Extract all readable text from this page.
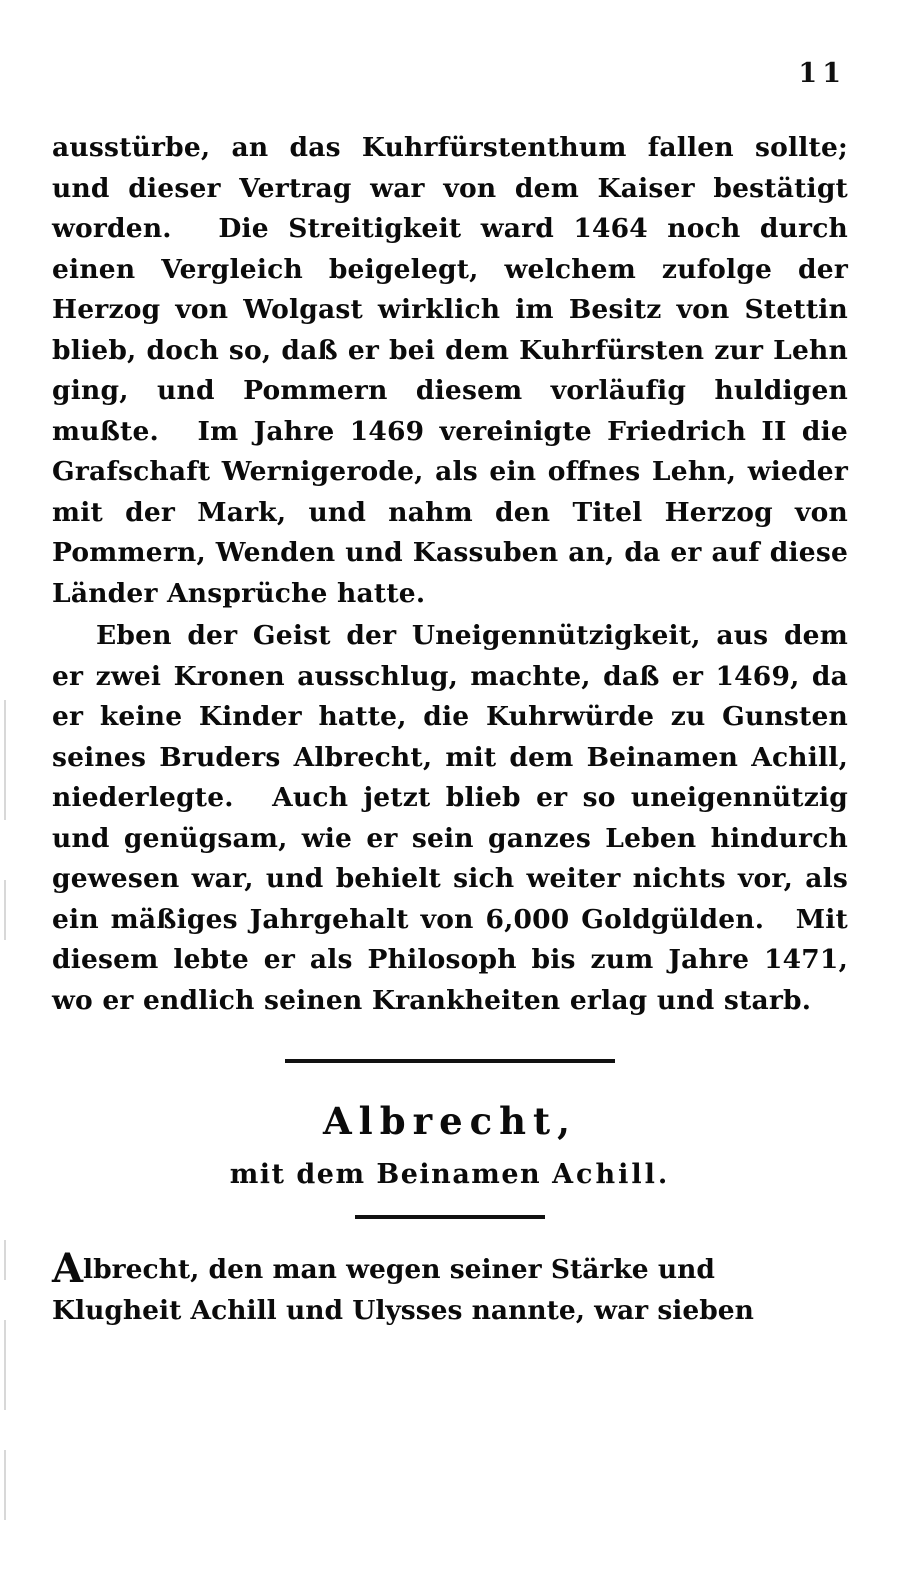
11

ausstürbe, an das Kuhrfürstenthum fallen sollte; und dieser Vertrag war von dem Kaiser bestätigt worden.　Die Streitigkeit ward 1464 noch durch einen Vergleich beigelegt, welchem zufolge der Herzog von Wolgast wirklich im Besitz von Stettin blieb, doch so, daß er bei dem Kuhrfürsten zur Lehn ging, und Pommern diesem vorläufig huldigen mußte.　Im Jahre 1469 vereinigte Friedrich II die Grafschaft Wernigerode, als ein offnes Lehn, wieder mit der Mark, und nahm den Titel Herzog von Pommern, Wenden und Kassuben an, da er auf diese Länder Ansprüche hatte.

Eben der Geist der Uneigennützigkeit, aus dem er zwei Kronen ausschlug, machte, daß er 1469, da er keine Kinder hatte, die Kuhrwürde zu Gunsten seines Bruders Albrecht, mit dem Beinamen Achill, niederlegte.　Auch jetzt blieb er so uneigennützig und genügsam, wie er sein ganzes Leben hindurch gewesen war, und behielt sich weiter nichts vor, als ein mäßiges Jahrgehalt von 6,000 Goldgülden.　Mit diesem lebte er als Philosoph bis zum Jahre 1471, wo er endlich seinen Krankheiten erlag und starb.

Albrecht,
mit dem Beinamen Achill.

Albrecht, den man wegen seiner Stärke und
Klugheit Achill und Ulysses nannte, war sieben
